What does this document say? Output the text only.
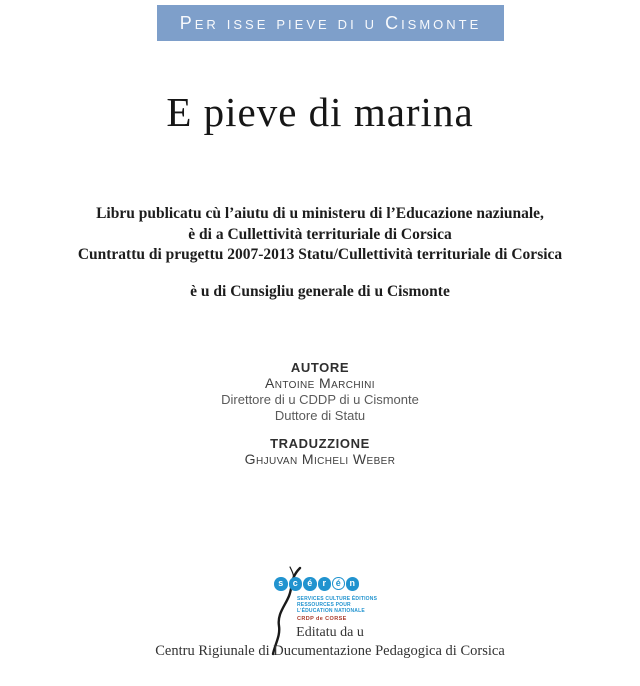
Per isse pieve di u Cismonte
E pieve di marina
Libru publicatu cù l’aiutu di u ministeru di l’Educazione naziunale,
è di a Cullettività territuriale di Corsica
Cuntrattu di prugettu 2007-2013 Statu/Cullettività territuriale di Corsica
è u di Cunsigliu generale di u Cismonte
AUTORE
Antoine Marchini
Direttore di u CDDP di u Cismonte
Duttore di Statu
TRADUZZIONE
Ghjuvan Micheli Weber
s	c	é	r	é n
SERVICES CULTURE ÉDITIONS
RESSOURCES POUR
L’ÉDUCATION NATIONALE
CRDP de CORSE
Editatu da u
Centru Rigiunale di Ducumentazione Pedagogica di Corsica
